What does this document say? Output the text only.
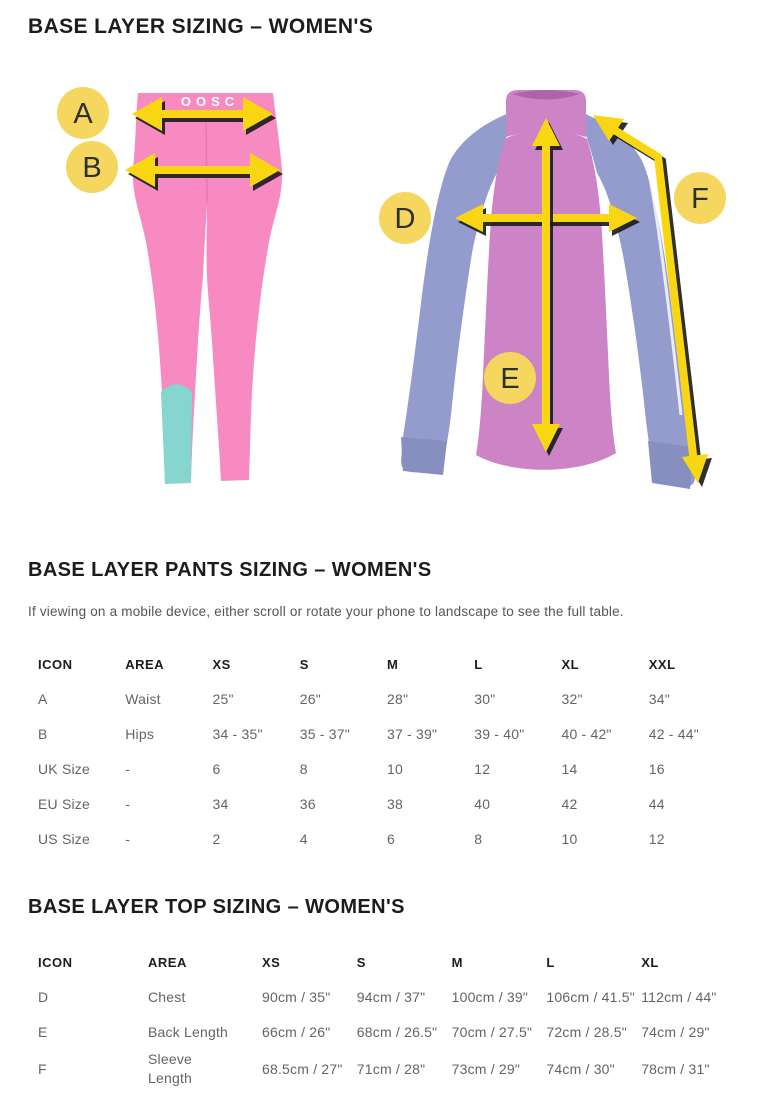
BASE LAYER SIZING – WOMEN'S
OOSC
A
B
D
E
F
BASE LAYER PANTS SIZING – WOMEN'S

If viewing on a mobile device, either scroll or rotate your phone to landscape to see the full table.

ICON	AREA	XS	S	M	L	XL	XXL
A	Waist	25"	26"	28"	30"	32"	34"
B	Hips	34 - 35"	35 - 37"	37 - 39"	39 - 40"	40 - 42"	42 - 44"
UK Size	-	6	8	10	12	14	16
EU Size	-	34	36	38	40	42	44
US Size	-	2	4	6	8	10	12
BASE LAYER TOP SIZING – WOMEN'S
ICON	AREA	XS	S	M	L	XL
D	Chest	90cm / 35"	94cm / 37"	100cm / 39"	106cm / 41.5"	112cm / 44"
E	Back Length	66cm / 26"	68cm / 26.5"	70cm / 27.5"	72cm / 28.5"	74cm / 29"
F	Sleeve Length	68.5cm / 27"	71cm / 28"	73cm / 29"	74cm / 30"	78cm / 31"
